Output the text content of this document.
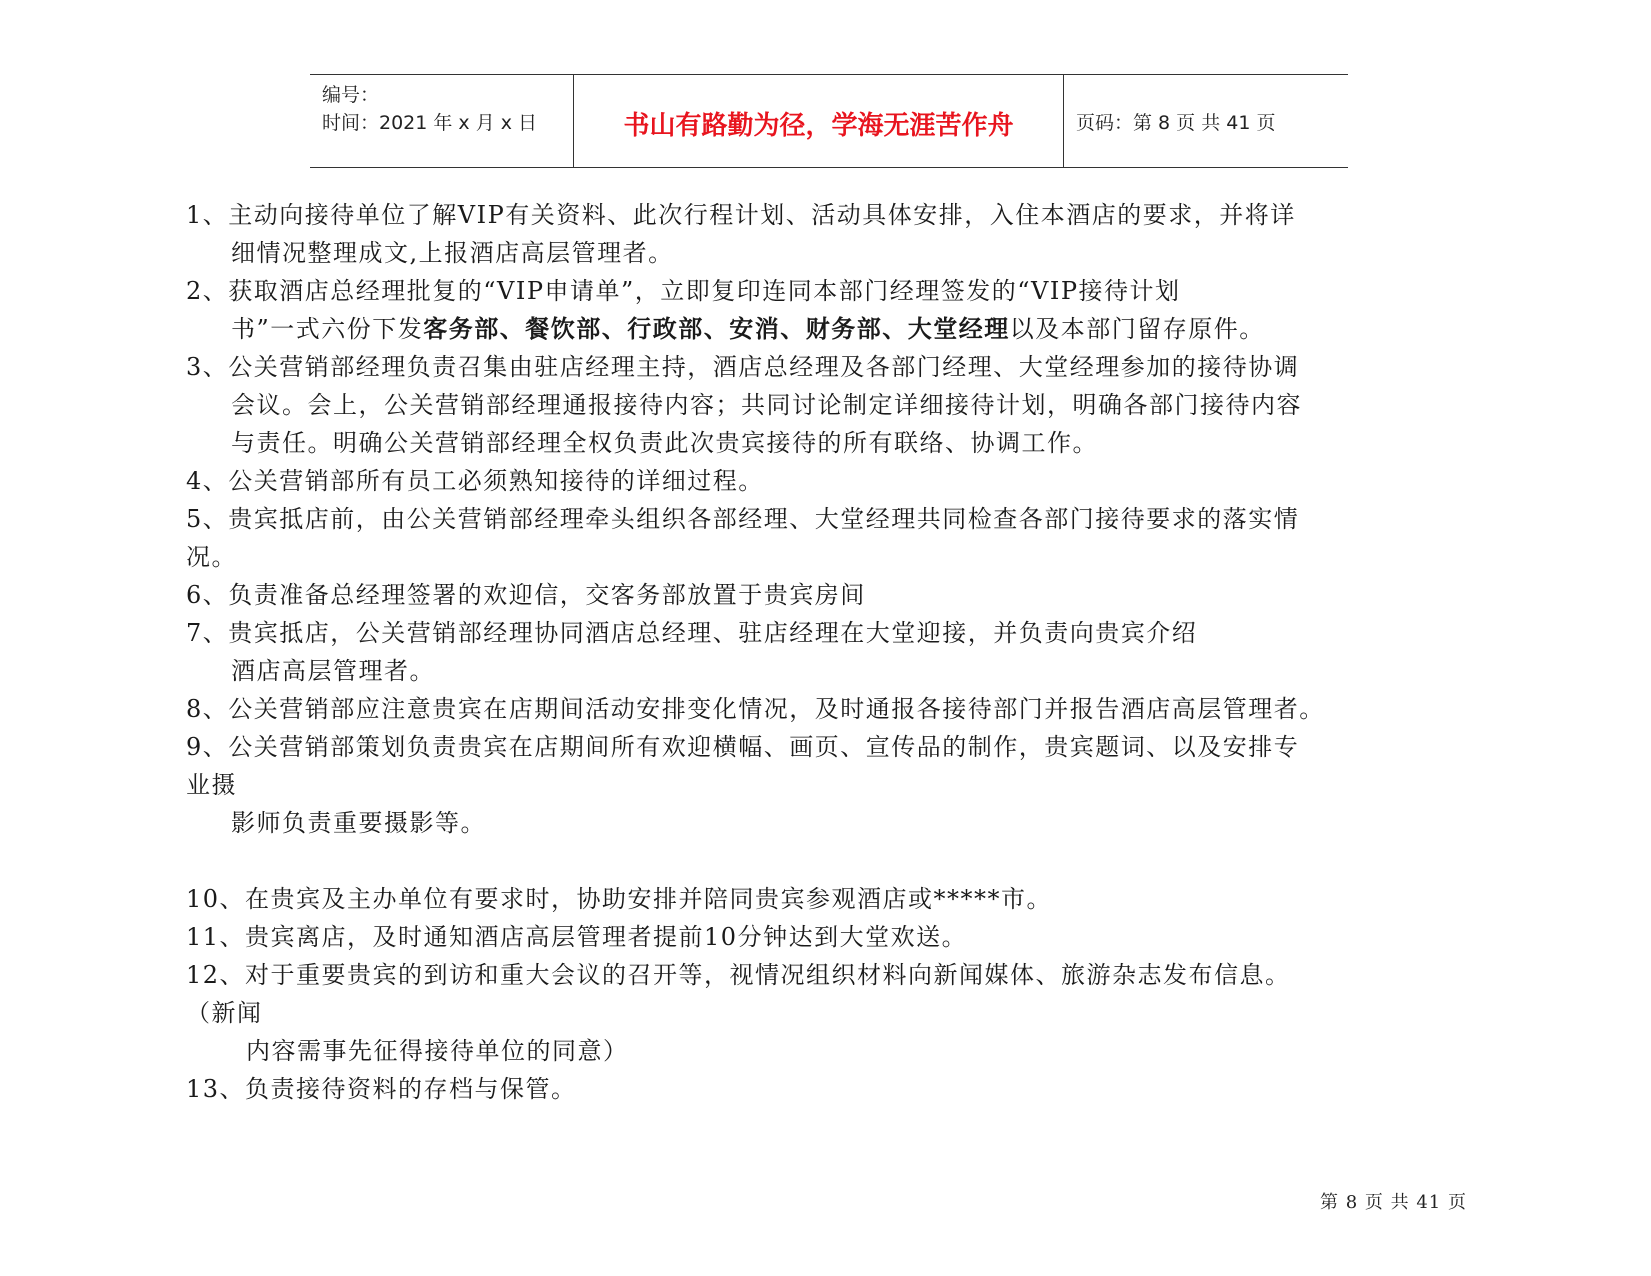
编号：
时间：2021 年 x 月 x 日	书山有路勤为径，学海无涯苦作舟	页码：第 8 页 共 41 页
1、主动向接待单位了解VIP有关资料、此次行程计划、活动具体安排，入住本酒店的要求，并将详
细情况整理成文,上报酒店高层管理者。
2、获取酒店总经理批复的“VIP申请单”，立即复印连同本部门经理签发的“VIP接待计划
书”一式六份下发客务部、餐饮部、行政部、安消、财务部、大堂经理以及本部门留存原件。
3、公关营销部经理负责召集由驻店经理主持，酒店总经理及各部门经理、大堂经理参加的接待协调
会议。会上，公关营销部经理通报接待内容；共同讨论制定详细接待计划，明确各部门接待内容
与责任。明确公关营销部经理全权负责此次贵宾接待的所有联络、协调工作。
4、公关营销部所有员工必须熟知接待的详细过程。
5、贵宾抵店前，由公关营销部经理牵头组织各部经理、大堂经理共同检查各部门接待要求的落实情
况。
6、负责准备总经理签署的欢迎信，交客务部放置于贵宾房间
7、贵宾抵店，公关营销部经理协同酒店总经理、驻店经理在大堂迎接，并负责向贵宾介绍
酒店高层管理者。
8、公关营销部应注意贵宾在店期间活动安排变化情况，及时通报各接待部门并报告酒店高层管理者。
9、公关营销部策划负责贵宾在店期间所有欢迎横幅、画页、宣传品的制作，贵宾题词、以及安排专
业摄
影师负责重要摄影等。
10、在贵宾及主办单位有要求时，协助安排并陪同贵宾参观酒店或*****市。
11、贵宾离店，及时通知酒店高层管理者提前10分钟达到大堂欢送。
12、对于重要贵宾的到访和重大会议的召开等，视情况组织材料向新闻媒体、旅游杂志发布信息。
（新闻
内容需事先征得接待单位的同意）
13、负责接待资料的存档与保管。
第 8 页 共 41 页
